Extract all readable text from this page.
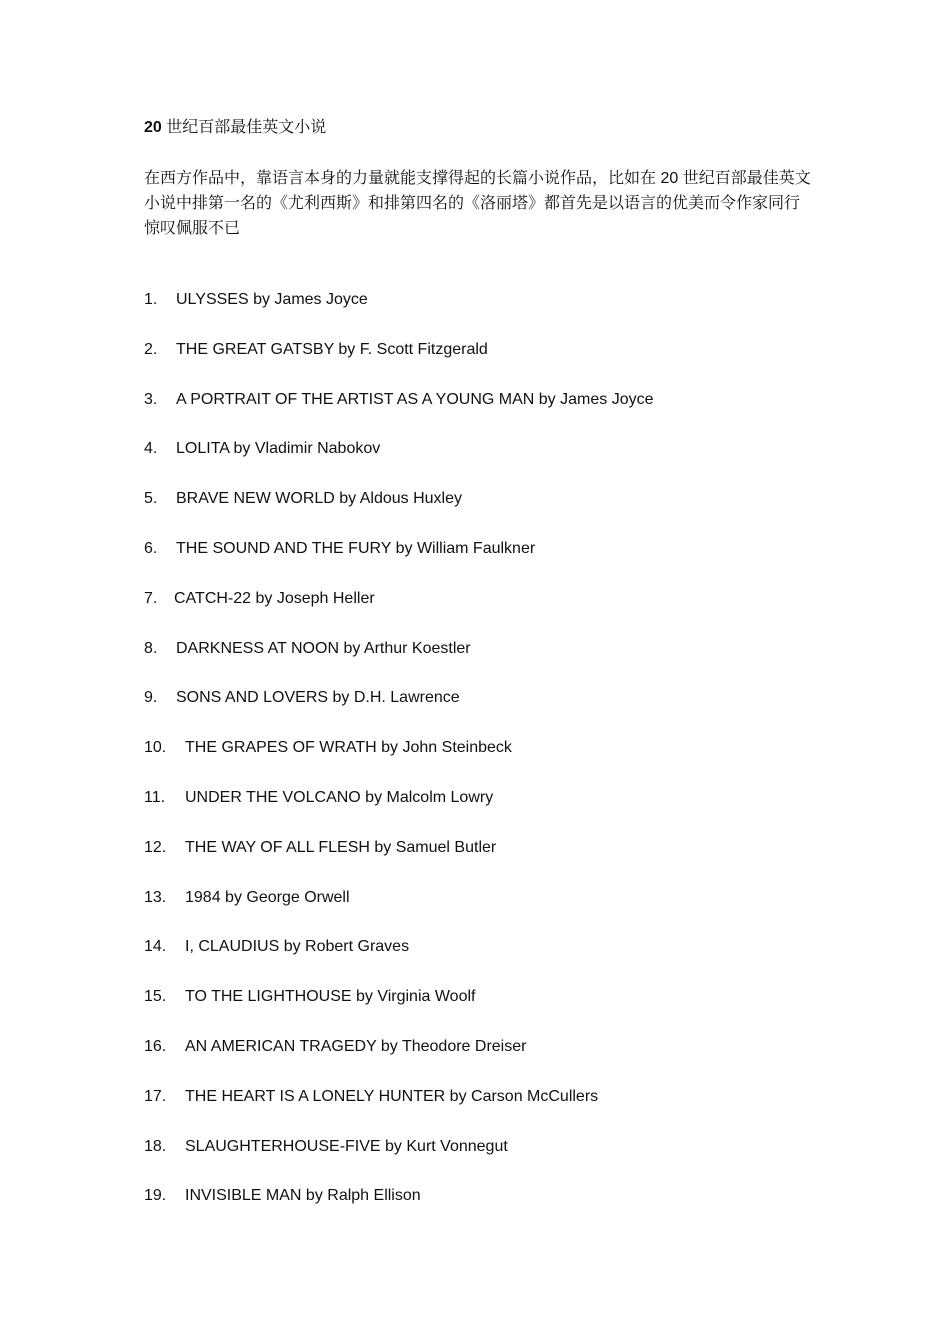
20 世纪百部最佳英文小说

在西方作品中，靠语言本身的力量就能支撑得起的长篇小说作品，比如在 20 世纪百部最佳英文小说中排第一名的《尤利西斯》和排第四名的《洛丽塔》都首先是以语言的优美而令作家同行惊叹佩服不已

1.	ULYSSES by James Joyce
2.	THE GREAT GATSBY by F. Scott Fitzgerald
3.	A PORTRAIT OF THE ARTIST AS A YOUNG MAN by James Joyce
4.	LOLITA by Vladimir Nabokov
5.	BRAVE NEW WORLD by Aldous Huxley
6.	THE SOUND AND THE FURY by William Faulkner
7.	CATCH-22 by Joseph Heller
8.	DARKNESS AT NOON by Arthur Koestler
9.	SONS AND LOVERS by D.H. Lawrence
10.	THE GRAPES OF WRATH by John Steinbeck
11.	UNDER THE VOLCANO by Malcolm Lowry
12.	THE WAY OF ALL FLESH by Samuel Butler
13.	1984 by George Orwell
14.	I, CLAUDIUS by Robert Graves
15.	TO THE LIGHTHOUSE by Virginia Woolf
16.	AN AMERICAN TRAGEDY by Theodore Dreiser
17.	THE HEART IS A LONELY HUNTER by Carson McCullers
18.	SLAUGHTERHOUSE-FIVE by Kurt Vonnegut
19.	INVISIBLE MAN by Ralph Ellison
